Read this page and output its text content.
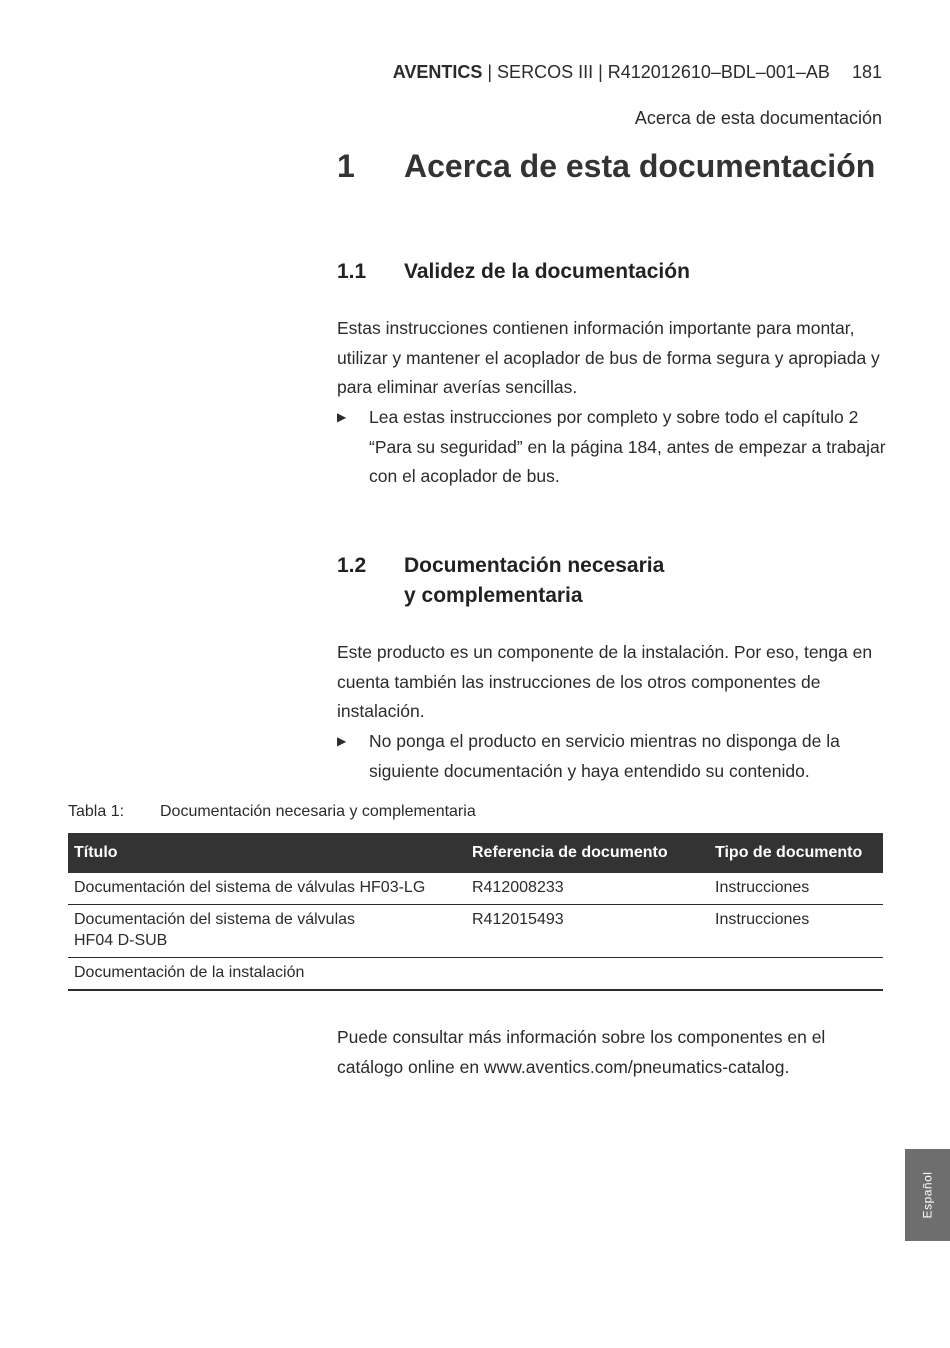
AVENTICS | SERCOS III | R412012610–BDL–001–AB 181
Acerca de esta documentación
1 Acerca de esta documentación
1.1 Validez de la documentación
Estas instrucciones contienen información importante para montar, utilizar y mantener el acoplador de bus de forma segura y apropiada y para eliminar averías sencillas.
▶ Lea estas instrucciones por completo y sobre todo el capítulo 2 “Para su seguridad” en la página 184, antes de empezar a trabajar con el acoplador de bus.
1.2 Documentación necesaria
y complementaria
Este producto es un componente de la instalación. Por eso, tenga en cuenta también las instrucciones de los otros componentes de instalación.
▶ No ponga el producto en servicio mientras no disponga de la siguiente documentación y haya entendido su contenido.
Tabla 1: Documentación necesaria y complementaria
Título	Referencia de documento	Tipo de documento
Documentación del sistema de válvulas HF03-LG	R412008233	Instrucciones
Documentación del sistema de válvulas
HF04 D-SUB	R412015493	Instrucciones
Documentación de la instalación		
Puede consultar más información sobre los componentes en el catálogo online en www.aventics.com/pneumatics-catalog.
Español
